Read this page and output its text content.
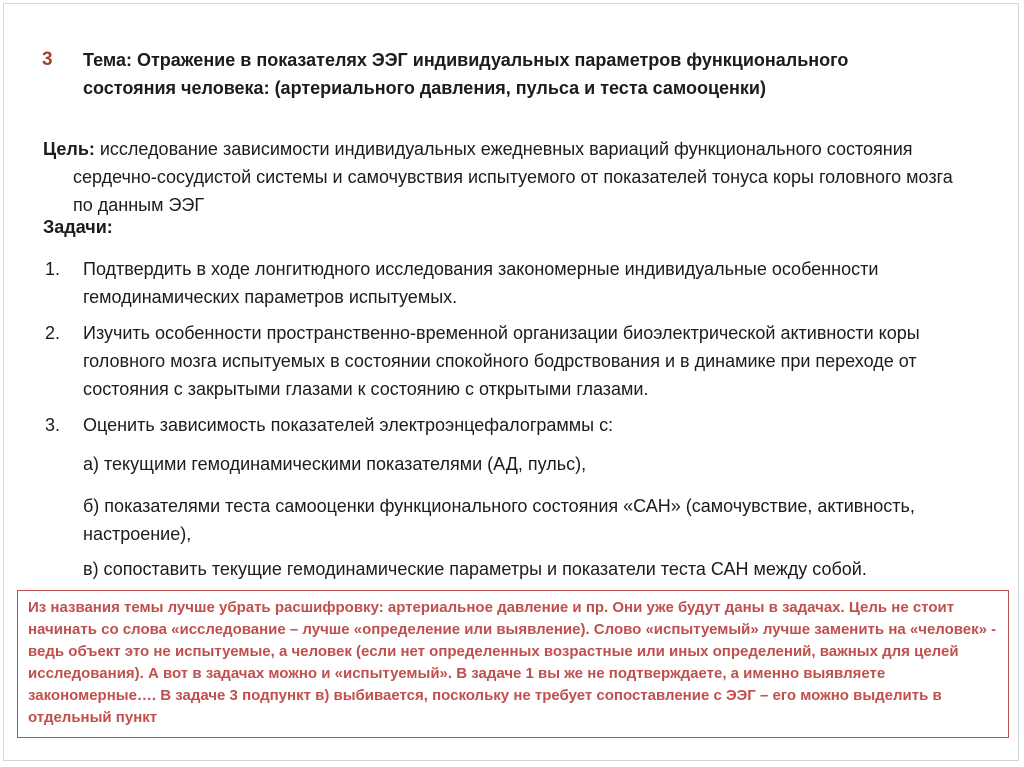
3 Тема: Отражение в показателях ЭЭГ индивидуальных параметров функционального состояния человека: (артериального давления, пульса и теста самооценки)

Цель: исследование зависимости индивидуальных ежедневных вариаций функционального состояния сердечно-сосудистой системы и самочувствия испытуемого от показателей тонуса коры головного мозга по данным ЭЭГ

Задачи:
1.	Подтвердить в ходе лонгитюдного исследования закономерные индивидуальные особенности гемодинамических параметров испытуемых.
2.	Изучить особенности пространственно-временной организации биоэлектрической активности коры головного мозга испытуемых в состоянии спокойного бодрствования и в динамике при переходе от состояния с закрытыми глазами к состоянию с открытыми глазами.
3.	Оценить зависимость показателей электроэнцефалограммы с:
а) текущими гемодинамическими показателями (АД, пульс),
б) показателями теста самооценки функционального состояния «САН» (самочувствие, активность, настроение),
в) сопоставить текущие гемодинамические параметры и показатели теста САН между собой.
Из названия темы лучше убрать расшифровку: артериальное давление и пр. Они уже будут даны в задачах. Цель не стоит
начинать со слова «исследование – лучше «определение или выявление). Слово «испытуемый» лучше заменить на «человек» -
ведь объект это не испытуемые, а человек (если нет определенных возрастные или иных определений, важных для целей
исследования). А вот в задачах можно и «испытуемый». В задаче 1 вы же не подтверждаете, а именно выявляете
закономерные…. В задаче 3 подпункт в) выбивается, поскольку не требует сопоставление с ЭЭГ – его можно выделить в
отдельный пункт
